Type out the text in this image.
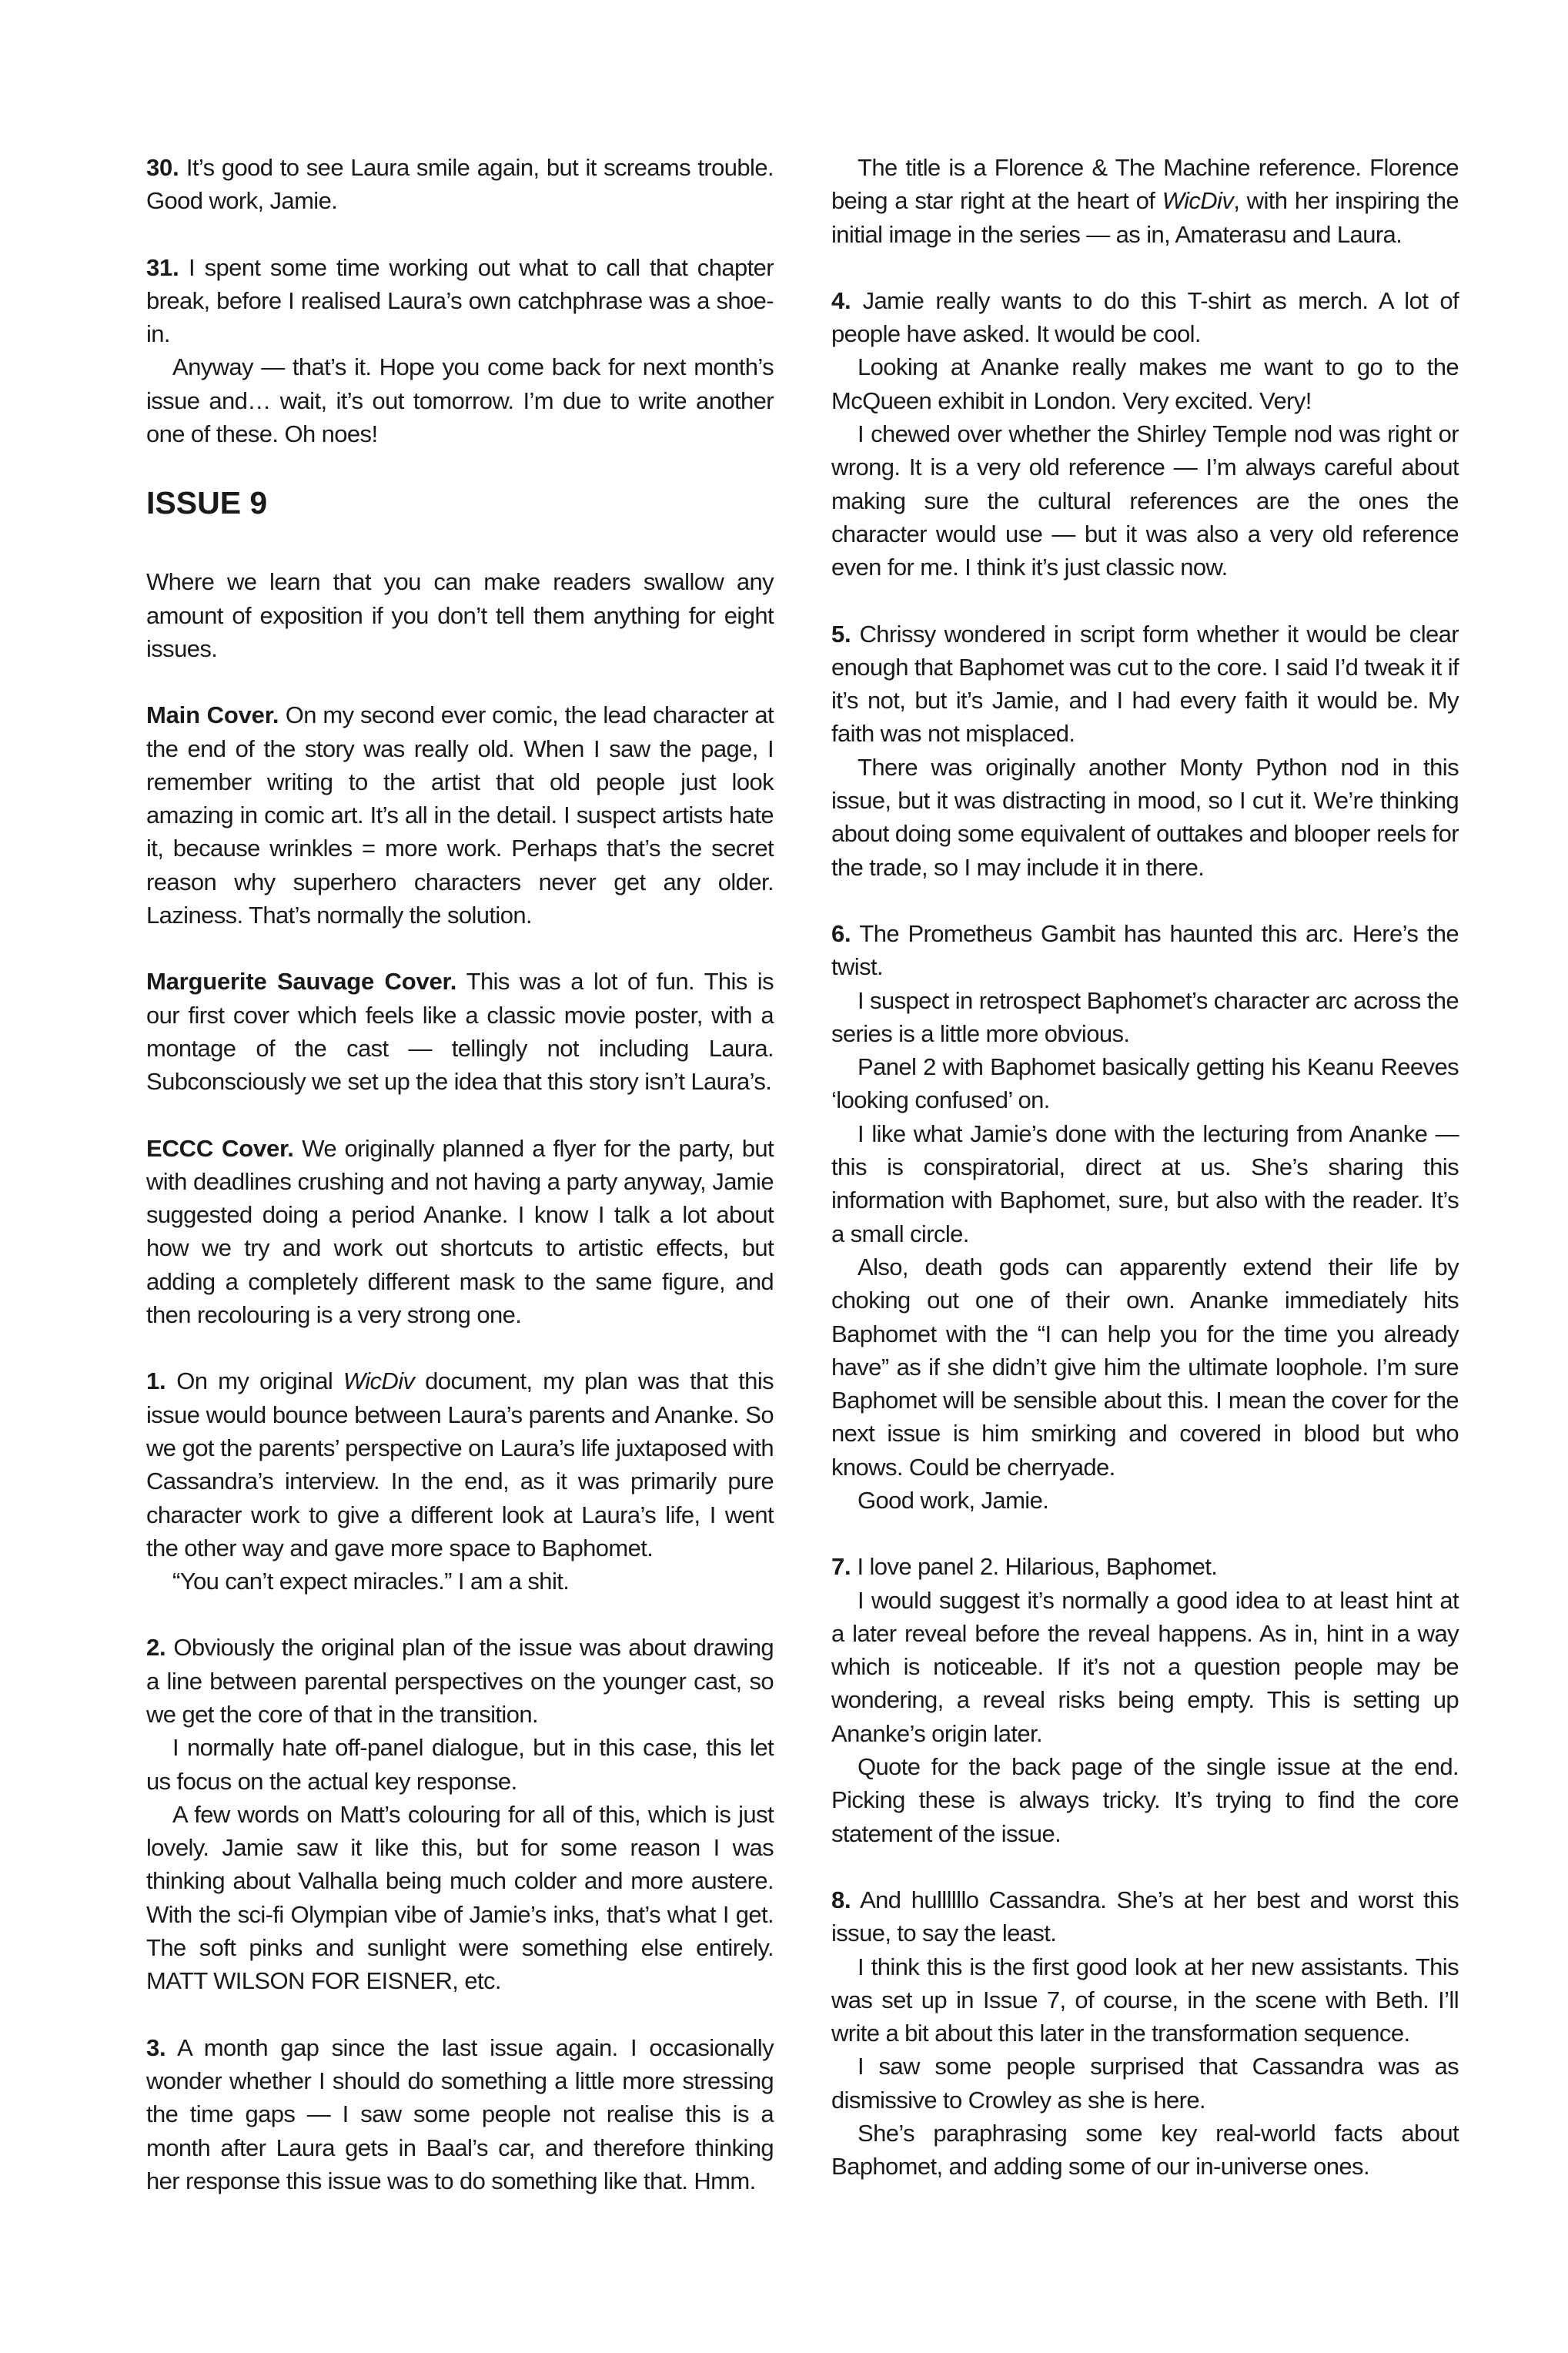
30. It’s good to see Laura smile again, but it screams trouble. Good work, Jamie.

31. I spent some time working out what to call that chapter break, before I realised Laura’s own catchphrase was a shoe-in.

Anyway — that’s it. Hope you come back for next month’s issue and… wait, it’s out tomorrow. I’m due to write another one of these. Oh noes!

ISSUE 9

Where we learn that you can make readers swallow any amount of exposition if you don’t tell them anything for eight issues.

Main Cover. On my second ever comic, the lead character at the end of the story was really old. When I saw the page, I remember writing to the artist that old people just look amazing in comic art. It’s all in the detail. I suspect artists hate it, because wrinkles = more work. Perhaps that’s the secret reason why superhero characters never get any older. Laziness. That’s normally the solution.

Marguerite Sauvage Cover. This was a lot of fun. This is our first cover which feels like a classic movie poster, with a montage of the cast — tellingly not including Laura. Subconsciously we set up the idea that this story isn’t Laura’s.

ECCC Cover. We originally planned a flyer for the party, but with deadlines crushing and not having a party anyway, Jamie suggested doing a period Ananke. I know I talk a lot about how we try and work out shortcuts to artistic effects, but adding a completely different mask to the same figure, and then recolouring is a very strong one.

1. On my original WicDiv document, my plan was that this issue would bounce between Laura’s parents and Ananke. So we got the parents’ perspective on Laura’s life juxtaposed with Cassandra’s interview. In the end, as it was primarily pure character work to give a different look at Laura’s life, I went the other way and gave more space to Baphomet.

“You can’t expect miracles.” I am a shit.

2. Obviously the original plan of the issue was about drawing a line between parental perspectives on the younger cast, so we get the core of that in the transition.

I normally hate off-panel dialogue, but in this case, this let us focus on the actual key response.

A few words on Matt’s colouring for all of this, which is just lovely. Jamie saw it like this, but for some reason I was thinking about Valhalla being much colder and more austere. With the sci-fi Olympian vibe of Jamie’s inks, that’s what I get. The soft pinks and sunlight were something else entirely. MATT WILSON FOR EISNER, etc.

3. A month gap since the last issue again. I occasionally wonder whether I should do something a little more stressing the time gaps — I saw some people not realise this is a month after Laura gets in Baal’s car, and therefore thinking her response this issue was to do something like that. Hmm.

The title is a Florence & The Machine reference. Florence being a star right at the heart of WicDiv, with her inspiring the initial image in the series — as in, Amaterasu and Laura.

4. Jamie really wants to do this T-shirt as merch. A lot of people have asked. It would be cool.

Looking at Ananke really makes me want to go to the McQueen exhibit in London. Very excited. Very!

I chewed over whether the Shirley Temple nod was right or wrong. It is a very old reference — I’m always careful about making sure the cultural references are the ones the character would use — but it was also a very old reference even for me. I think it’s just classic now.

5. Chrissy wondered in script form whether it would be clear enough that Baphomet was cut to the core. I said I’d tweak it if it’s not, but it’s Jamie, and I had every faith it would be. My faith was not misplaced.

There was originally another Monty Python nod in this issue, but it was distracting in mood, so I cut it. We’re thinking about doing some equivalent of outtakes and blooper reels for the trade, so I may include it in there.

6. The Prometheus Gambit has haunted this arc. Here’s the twist.

I suspect in retrospect Baphomet’s character arc across the series is a little more obvious.

Panel 2 with Baphomet basically getting his Keanu Reeves ‘looking confused’ on.

I like what Jamie’s done with the lecturing from Ananke — this is conspiratorial, direct at us. She’s sharing this information with Baphomet, sure, but also with the reader. It’s a small circle.

Also, death gods can apparently extend their life by choking out one of their own. Ananke immediately hits Baphomet with the “I can help you for the time you already have” as if she didn’t give him the ultimate loophole. I’m sure Baphomet will be sensible about this. I mean the cover for the next issue is him smirking and covered in blood but who knows. Could be cherryade.

Good work, Jamie.

7. I love panel 2. Hilarious, Baphomet.

I would suggest it’s normally a good idea to at least hint at a later reveal before the reveal happens. As in, hint in a way which is noticeable. If it’s not a question people may be wondering, a reveal risks being empty. This is setting up Ananke’s origin later.

Quote for the back page of the single issue at the end. Picking these is always tricky. It’s trying to find the core statement of the issue.

8. And hullllllo Cassandra. She’s at her best and worst this issue, to say the least.

I think this is the first good look at her new assistants. This was set up in Issue 7, of course, in the scene with Beth. I’ll write a bit about this later in the transformation sequence.

I saw some people surprised that Cassandra was as dismissive to Crowley as she is here.

She’s paraphrasing some key real-world facts about Baphomet, and adding some of our in-universe ones.
